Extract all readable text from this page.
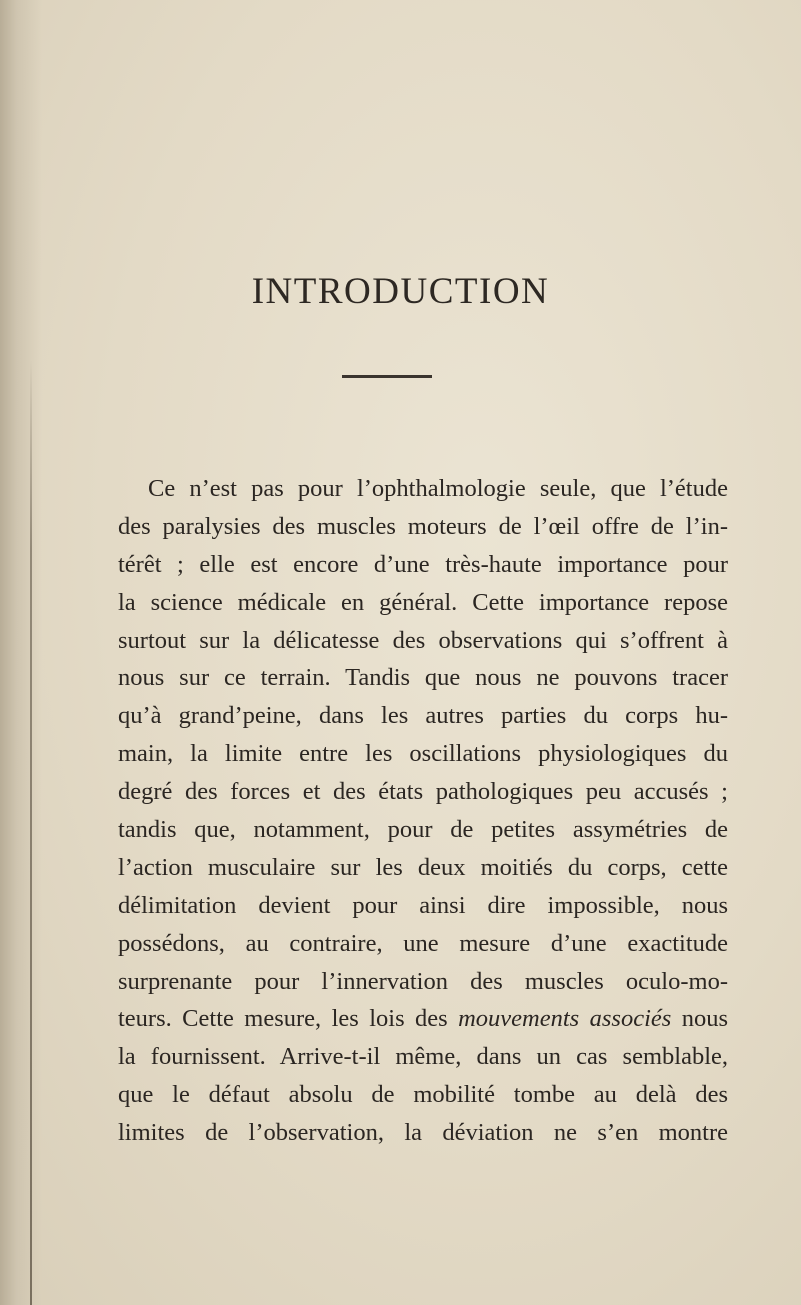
INTRODUCTION
Ce n’est pas pour l’ophthalmologie seule, que l’étude
des paralysies des muscles moteurs de l’œil offre de l’in-
térêt ; elle est encore d’une très-haute importance pour
la science médicale en général. Cette importance repose
surtout sur la délicatesse des observations qui s’offrent à
nous sur ce terrain. Tandis que nous ne pouvons tracer
qu’à grand’peine, dans les autres parties du corps hu-
main, la limite entre les oscillations physiologiques du
degré des forces et des états pathologiques peu accusés ;
tandis que, notamment, pour de petites assymétries de
l’action musculaire sur les deux moitiés du corps, cette
délimitation devient pour ainsi dire impossible, nous
possédons, au contraire, une mesure d’une exactitude
surprenante pour l’innervation des muscles oculo-mo-
teurs. Cette mesure, les lois des mouvements associés nous
la fournissent. Arrive-t-il même, dans un cas semblable,
que le défaut absolu de mobilité tombe au delà des
limites de l’observation, la déviation ne s’en montre
